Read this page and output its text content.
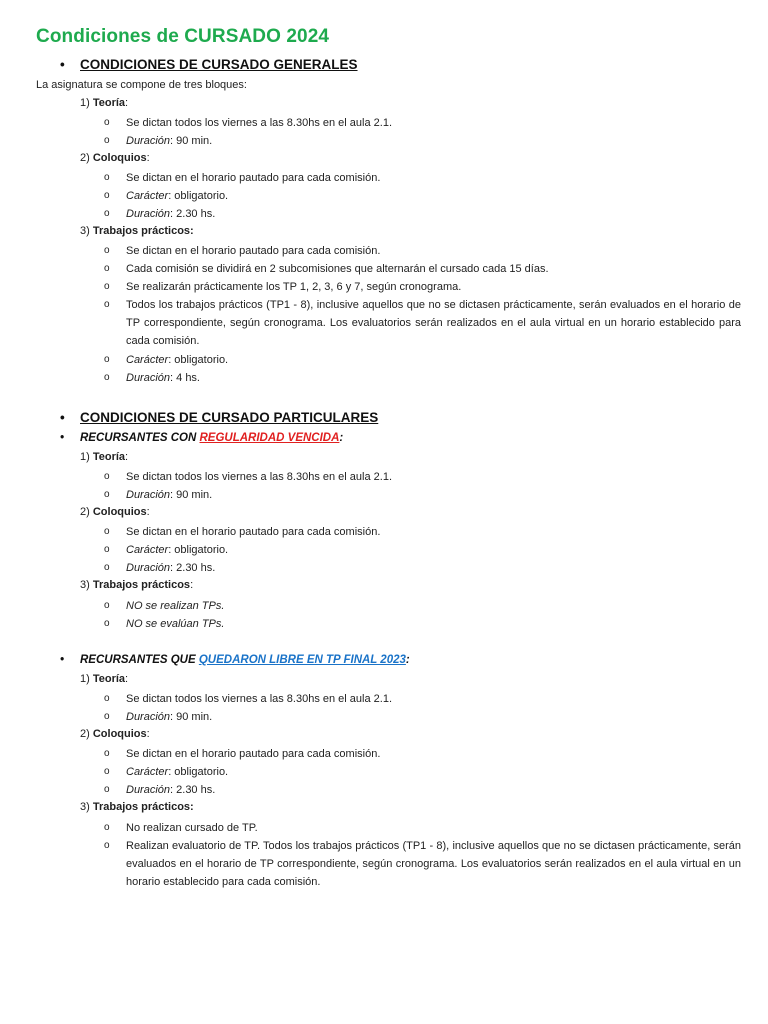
Condiciones de CURSADO 2024
• CONDICIONES DE CURSADO GENERALES
La asignatura se compone de tres bloques:
1) Teoría:
o Se dictan todos los viernes a las 8.30hs en el aula 2.1.
o Duración: 90 min.
2) Coloquios:
o Se dictan en el horario pautado para cada comisión.
o Carácter: obligatorio.
o Duración: 2.30 hs.
3) Trabajos prácticos:
o Se dictan en el horario pautado para cada comisión.
o Cada comisión se dividirá en 2 subcomisiones que alternarán el cursado cada 15 días.
o Se realizarán prácticamente los TP 1, 2, 3, 6 y 7, según cronograma.
o Todos los trabajos prácticos (TP1 - 8), inclusive aquellos que no se dictasen prácticamente, serán evaluados en el horario de TP correspondiente, según cronograma. Los evaluatorios serán realizados en el aula virtual en un horario establecido para cada comisión.
o Carácter: obligatorio.
o Duración: 4 hs.
• CONDICIONES DE CURSADO PARTICULARES
• RECURSANTES CON REGULARIDAD VENCIDA:
1) Teoría:
o Se dictan todos los viernes a las 8.30hs en el aula 2.1.
o Duración: 90 min.
2) Coloquios:
o Se dictan en el horario pautado para cada comisión.
o Carácter: obligatorio.
o Duración: 2.30 hs.
3) Trabajos prácticos:
o NO se realizan TPs.
o NO se evalúan TPs.
• RECURSANTES QUE QUEDARON LIBRE EN TP FINAL 2023:
1) Teoría:
o Se dictan todos los viernes a las 8.30hs en el aula 2.1.
o Duración: 90 min.
2) Coloquios:
o Se dictan en el horario pautado para cada comisión.
o Carácter: obligatorio.
o Duración: 2.30 hs.
3) Trabajos prácticos:
o No realizan cursado de TP.
o Realizan evaluatorio de TP. Todos los trabajos prácticos (TP1 - 8), inclusive aquellos que no se dictasen prácticamente, serán evaluados en el horario de TP correspondiente, según cronograma. Los evaluatorios serán realizados en el aula virtual en un horario establecido para cada comisión.
